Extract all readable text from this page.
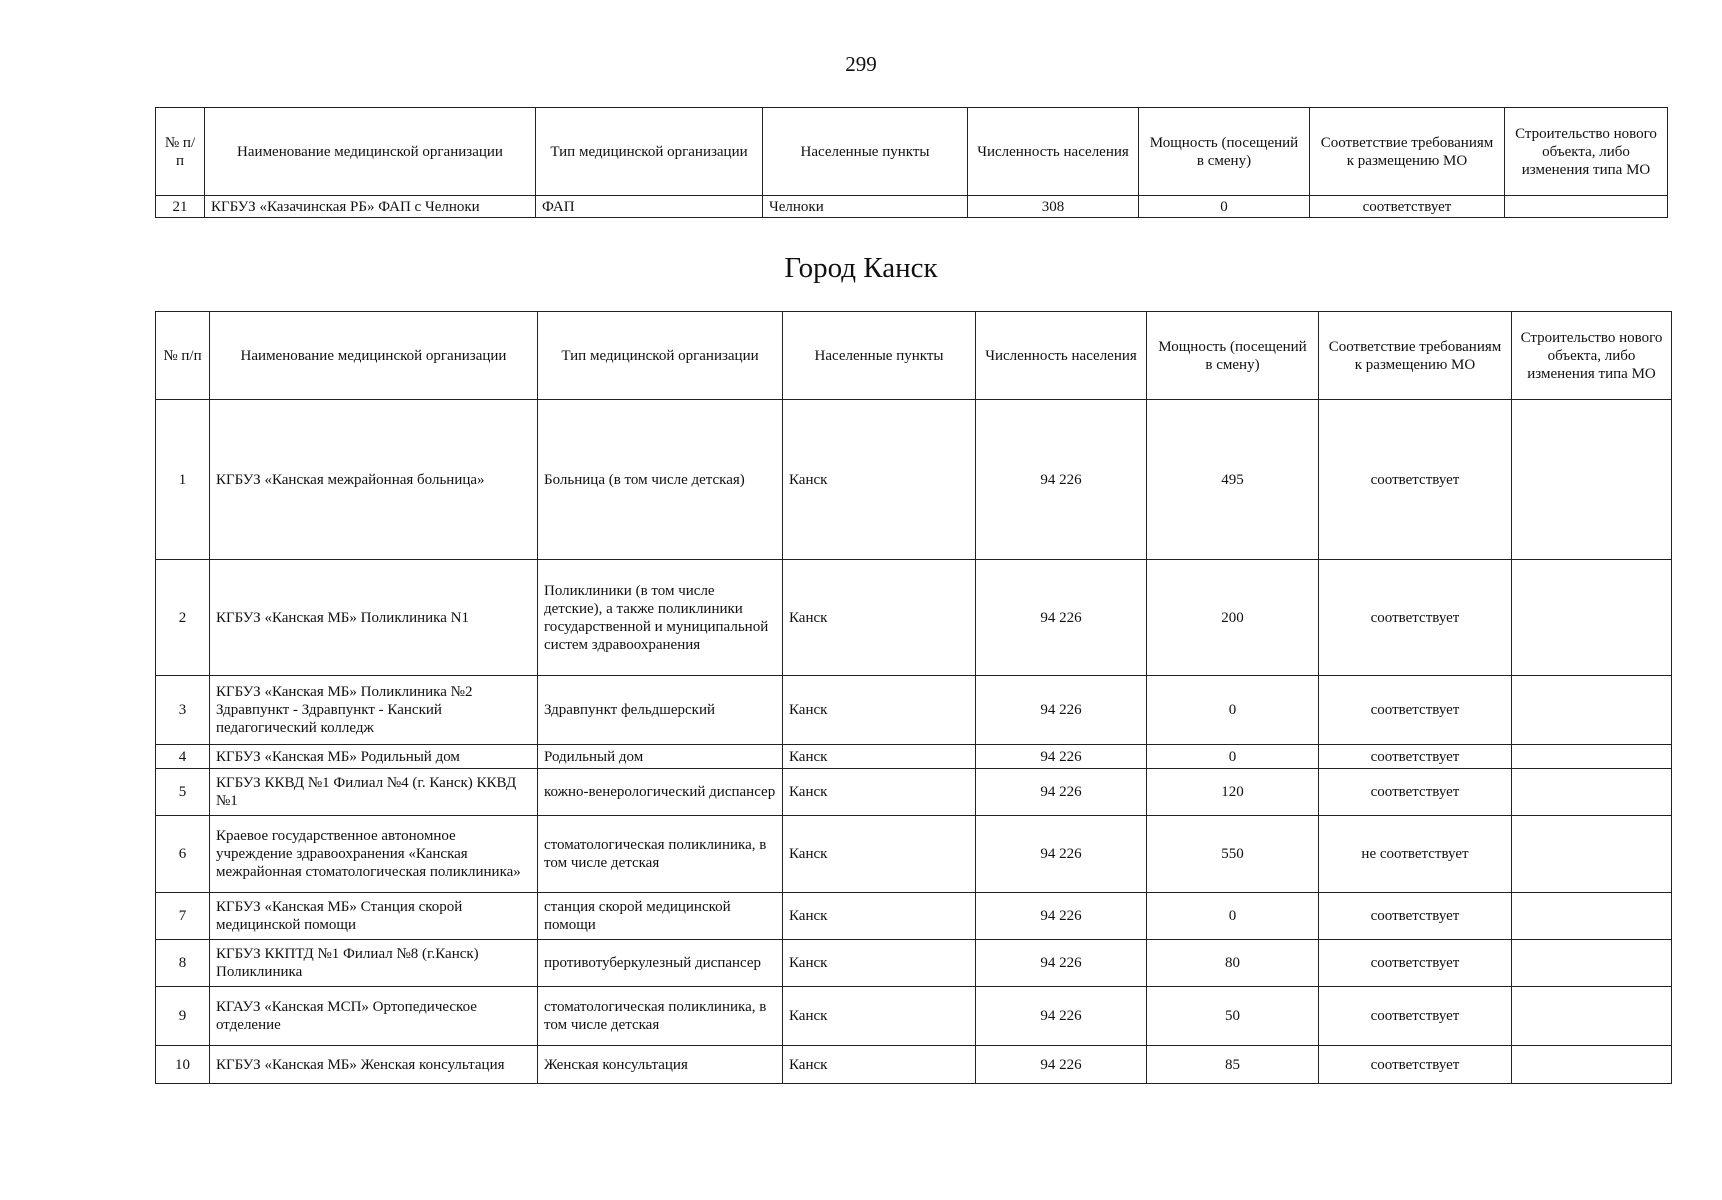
299
№ п/п	Наименование медицинской организации	Тип медицинской организации	Населенные пункты	Численность населения	Мощность (посещений в смену)	Соответствие требованиям к размещению МО	Строительство нового объекта, либо изменения типа МО
21	КГБУЗ «Казачинская РБ» ФАП с Челноки	ФАП	Челноки	308	0	соответствует	
Город Канск
№ п/п	Наименование медицинской организации	Тип медицинской организации	Населенные пункты	Численность населения	Мощность (посещений в смену)	Соответствие требованиям к размещению МО	Строительство нового объекта, либо изменения типа МО
1	КГБУЗ «Канская межрайонная больница»	Больница (в том числе детская)	Канск	94 226	495	соответствует	
2	КГБУЗ «Канская МБ» Поликлиника N1	Поликлиники (в том числе детские), а также поликлиники государственной и муниципальной систем здравоохранения	Канск	94 226	200	соответствует	
3	КГБУЗ «Канская МБ» Поликлиника №2 Здравпункт - Здравпункт - Канский педагогический колледж	Здравпункт фельдшерский	Канск	94 226	0	соответствует	
4	КГБУЗ «Канская МБ» Родильный дом	Родильный дом	Канск	94 226	0	соответствует	
5	КГБУЗ ККВД №1 Филиал №4 (г. Канск) ККВД №1	кожно-венерологический диспансер	Канск	94 226	120	соответствует	
6	Краевое государственное автономное учреждение здравоохранения «Канская межрайонная стоматологическая поликлиника»	стоматологическая поликлиника, в том числе детская	Канск	94 226	550	не соответствует	
7	КГБУЗ «Канская МБ» Станция скорой медицинской помощи	станция скорой медицинской помощи	Канск	94 226	0	соответствует	
8	КГБУЗ ККПТД №1 Филиал №8 (г.Канск) Поликлиника	противотуберкулезный диспансер	Канск	94 226	80	соответствует	
9	КГАУЗ «Канская МСП» Ортопедическое отделение	стоматологическая поликлиника, в том числе детская	Канск	94 226	50	соответствует	
10	КГБУЗ «Канская МБ» Женская консультация	Женская консультация	Канск	94 226	85	соответствует	
